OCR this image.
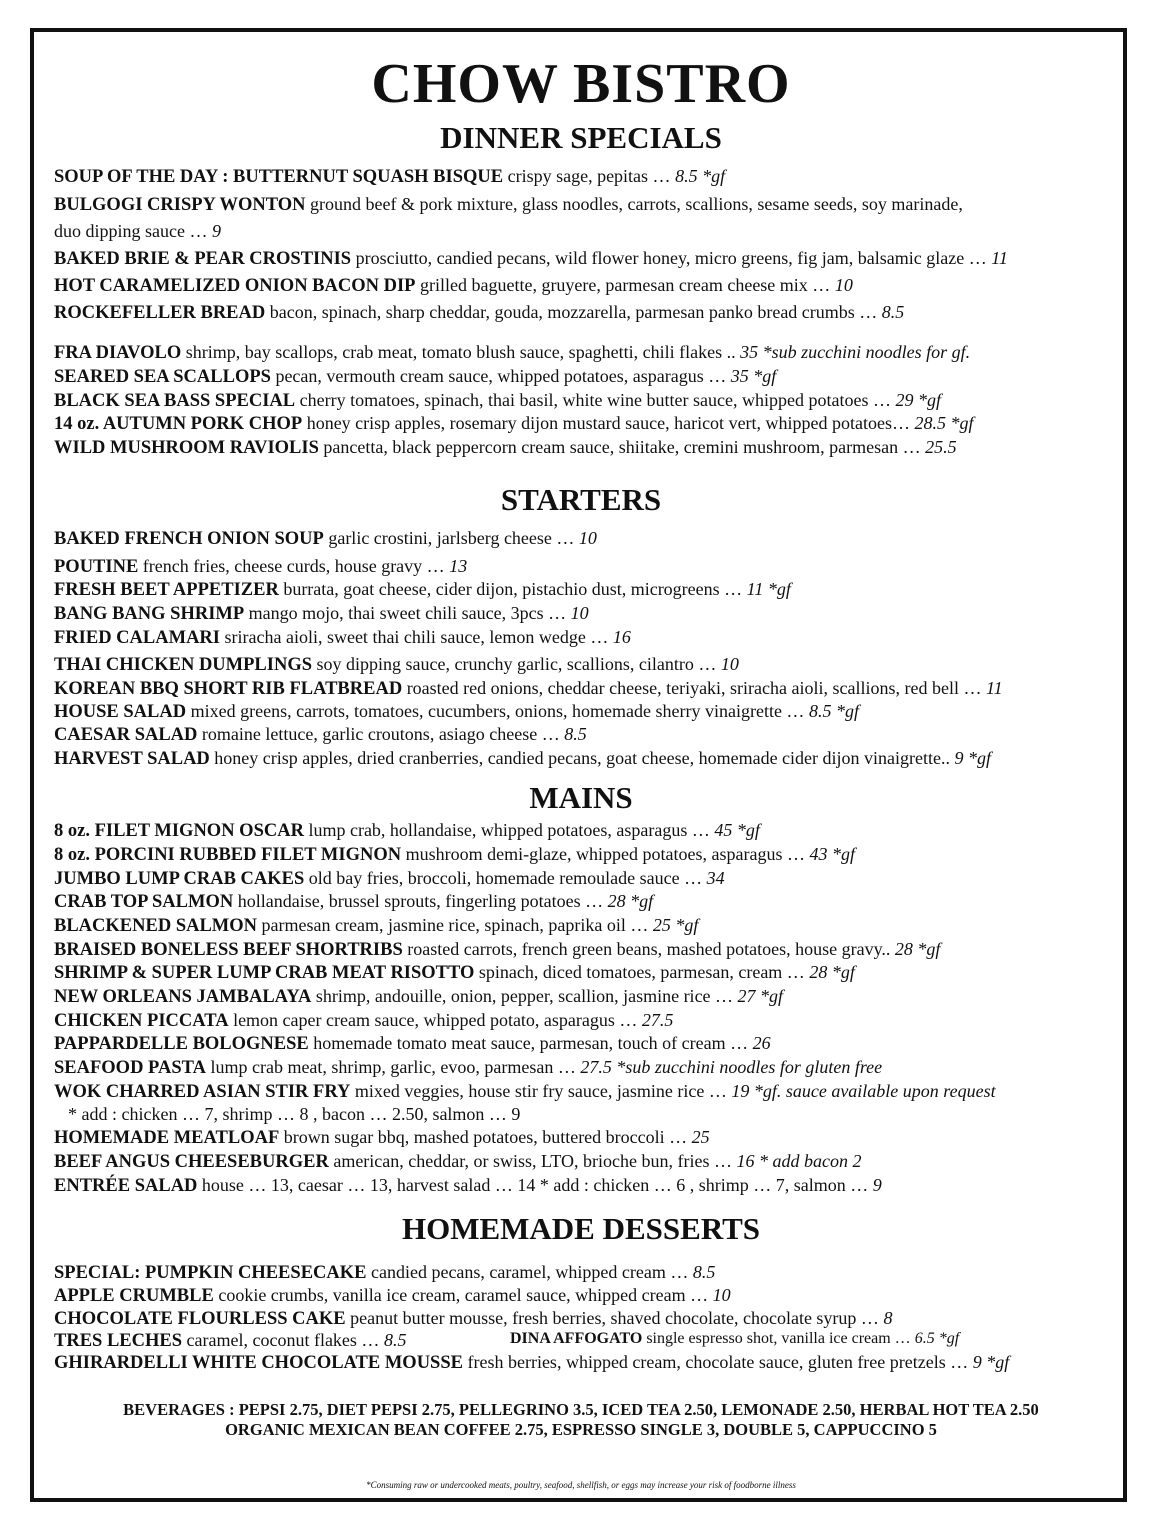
CHOW BISTRO
DINNER SPECIALS
SOUP OF THE DAY : BUTTERNUT SQUASH BISQUE crispy sage, pepitas … 8.5 *gf
BULGOGI CRISPY WONTON ground beef & pork mixture, glass noodles, carrots, scallions, sesame seeds, soy marinade,
BAKED BRIE & PEAR CROSTINIS prosciutto, candied pecans, wild flower honey, micro greens, fig jam, balsamic glaze … 11
HOT CARAMELIZED ONION BACON DIP grilled baguette, gruyere, parmesan cream cheese mix … 10
ROCKEFELLER BREAD bacon, spinach, sharp cheddar, gouda, mozzarella, parmesan panko bread crumbs … 8.5
FRA DIAVOLO shrimp, bay scallops, crab meat, tomato blush sauce, spaghetti, chili flakes .. 35 *sub zucchini noodles for gf.
SEARED SEA SCALLOPS pecan, vermouth cream sauce, whipped potatoes, asparagus … 35 *gf
BLACK SEA BASS SPECIAL cherry tomatoes, spinach, thai basil, white wine butter sauce, whipped potatoes … 29 *gf
14 oz. AUTUMN PORK CHOP honey crisp apples, rosemary dijon mustard sauce, haricot vert, whipped potatoes… 28.5 *gf
WILD MUSHROOM RAVIOLIS pancetta, black peppercorn cream sauce, shiitake, cremini mushroom, parmesan … 25.5
duo dipping sauce … 9
STARTERS
BAKED FRENCH ONION SOUP garlic crostini, jarlsberg cheese … 10
POUTINE french fries, cheese curds, house gravy … 13
FRESH BEET APPETIZER burrata, goat cheese, cider dijon, pistachio dust, microgreens … 11 *gf
BANG BANG SHRIMP mango mojo, thai sweet chili sauce, 3pcs … 10
FRIED CALAMARI sriracha aioli, sweet thai chili sauce, lemon wedge … 16
THAI CHICKEN DUMPLINGS soy dipping sauce, crunchy garlic, scallions, cilantro … 10
KOREAN BBQ SHORT RIB FLATBREAD roasted red onions, cheddar cheese, teriyaki, sriracha aioli, scallions, red bell … 11
HOUSE SALAD mixed greens, carrots, tomatoes, cucumbers, onions, homemade sherry vinaigrette … 8.5 *gf
CAESAR SALAD romaine lettuce, garlic croutons, asiago cheese … 8.5
HARVEST SALAD honey crisp apples, dried cranberries, candied pecans, goat cheese, homemade cider dijon vinaigrette.. 9 *gf
MAINS
8 oz. FILET MIGNON OSCAR lump crab, hollandaise, whipped potatoes, asparagus … 45 *gf
8 oz. PORCINI RUBBED FILET MIGNON mushroom demi-glaze, whipped potatoes, asparagus … 43 *gf
JUMBO LUMP CRAB CAKES old bay fries, broccoli, homemade remoulade sauce … 34
CRAB TOP SALMON hollandaise, brussel sprouts, fingerling potatoes … 28 *gf
BLACKENED SALMON parmesan cream, jasmine rice, spinach, paprika oil … 25 *gf
BRAISED BONELESS BEEF SHORTRIBS roasted carrots, french green beans, mashed potatoes, house gravy.. 28 *gf
SHRIMP & SUPER LUMP CRAB MEAT RISOTTO spinach, diced tomatoes, parmesan, cream … 28 *gf
NEW ORLEANS JAMBALAYA shrimp, andouille, onion, pepper, scallion, jasmine rice … 27 *gf
CHICKEN PICCATA lemon caper cream sauce, whipped potato, asparagus … 27.5
PAPPARDELLE BOLOGNESE homemade tomato meat sauce, parmesan, touch of cream … 26
SEAFOOD PASTA lump crab meat, shrimp, garlic, evoo, parmesan … 27.5 *sub zucchini noodles for gluten free
WOK CHARRED ASIAN STIR FRY mixed veggies, house stir fry sauce, jasmine rice … 19 *gf. sauce available upon request
HOMEMADE MEATLOAF brown sugar bbq, mashed potatoes, buttered broccoli … 25
BEEF ANGUS CHEESEBURGER american, cheddar, or swiss, LTO, brioche bun, fries … 16 * add bacon 2
ENTRÉE SALAD house … 13, caesar … 13, harvest salad … 14 * add : chicken … 6 , shrimp … 7, salmon … 9
* add : chicken … 7, shrimp … 8 , bacon … 2.50, salmon … 9
HOMEMADE DESSERTS
SPECIAL: PUMPKIN CHEESECAKE candied pecans, caramel, whipped cream … 8.5
APPLE CRUMBLE cookie crumbs, vanilla ice cream, caramel sauce, whipped cream … 10
CHOCOLATE FLOURLESS CAKE peanut butter mousse, fresh berries, shaved chocolate, chocolate syrup … 8
TRES LECHES caramel, coconut flakes … 8.5
GHIRARDELLI WHITE CHOCOLATE MOUSSE fresh berries, whipped cream, chocolate sauce, gluten free pretzels … 9 *gf
DINA AFFOGATO single espresso shot, vanilla ice cream … 6.5 *gf
BEVERAGES : PEPSI 2.75, DIET PEPSI 2.75, PELLEGRINO 3.5, ICED TEA 2.50, LEMONADE 2.50, HERBAL HOT TEA 2.50
ORGANIC MEXICAN BEAN COFFEE 2.75, ESPRESSO SINGLE 3, DOUBLE 5, CAPPUCCINO 5
*Consuming raw or undercooked meats, poultry, seafood, shellfish, or eggs may increase your risk of foodborne illness
